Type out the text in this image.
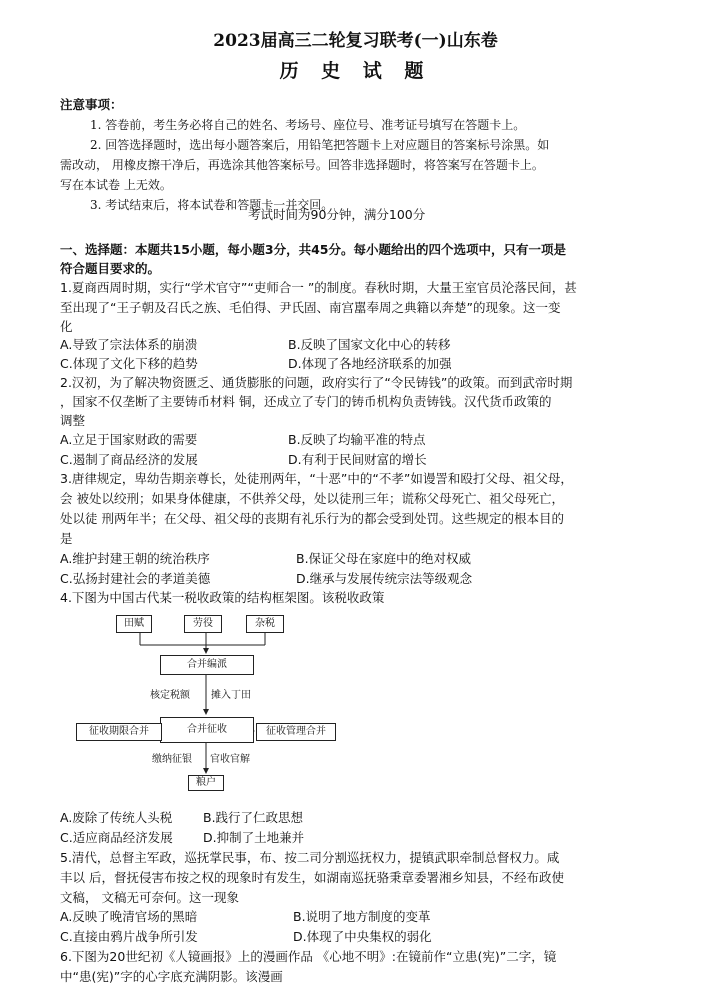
2023届高三二轮复习联考(一)山东卷
历 史 试 题
注意事项：
1. 答卷前，考生务必将自己的姓名、考场号、座位号、准考证号填写在答题卡上。
2. 回答选择题时，选出每小题答案后，用铅笔把答题卡上对应题目的答案标号涂黑。如
需改动， 用橡皮擦干净后，再选涂其他答案标号。回答非选择题时，将答案写在答题卡上。
写在本试卷 上无效。
3. 考试结束后，将本试卷和答题卡一并交回。
考试时间为90分钟，满分100分
一、选择题：本题共15小题，每小题3分，共45分。每小题给出的四个选项中，只有一项是
符合题目要求的。
1.夏商西周时期，实行“学术官守”“吏师合一 ”的制度。春秋时期，大量王室官员沦落民间，甚
至出现了“王子朝及召氏之族、毛伯得、尹氏固、南宫嚚奉周之典籍以奔楚”的现象。这一变
化
A.导致了宗法体系的崩溃	B.反映了国家文化中心的转移
C.体现了文化下移的趋势	D.体现了各地经济联系的加强
2.汉初，为了解决物资匮乏、通货膨胀的问题，政府实行了“令民铸钱”的政策。而到武帝时期
，国家不仅垄断了主要铸币材料 铜，还成立了专门的铸币机构负责铸钱。汉代货币政策的
调整
A.立足于国家财政的需要	B.反映了均输平准的特点
C.遏制了商品经济的发展	D.有利于民间财富的增长
3.唐律规定，卑幼告期亲尊长，处徒刑两年，“十恶”中的“不孝”如谩詈和殴打父母、祖父母，
会 被处以绞刑；如果身体健康，不供养父母，处以徒刑三年；谎称父母死亡、祖父母死亡，
处以徒 刑两年半；在父母、祖父母的丧期有礼乐行为的都会受到处罚。这些规定的根本目的
是
A.维护封建王朝的统治秩序	B.保证父母在家庭中的绝对权威
C.弘扬封建社会的孝道美德	D.继承与发展传统宗法等级观念
4.下图为中国古代某一税收政策的结构框架图。该税收政策
田赋	劳役	杂税
合并编派
核定税额 摊入丁田
合并征收
征收期限合并	征收管理合并
缴纳征银 官收官解
粮户
A.废除了传统人头税 B.践行了仁政思想
C.适应商品经济发展 D.抑制了土地兼并
5.清代，总督主军政，巡抚掌民事，布、按二司分割巡抚权力，提镇武职牵制总督权力。咸
丰以 后，督抚侵害布按之权的现象时有发生，如湖南巡抚骆秉章委署湘乡知县，不经布政使
文稿， 文稿无可奈何。这一现象
A.反映了晚清官场的黑暗	B.说明了地方制度的变革
C.直接由鸦片战争所引发	D.体现了中央集权的弱化
6.下图为20世纪初《人镜画报》上的漫画作品 《心地不明》:在镜前作“立患(宪)”二字，镜
中“患(宪)”字的心字底充满阴影。该漫画
